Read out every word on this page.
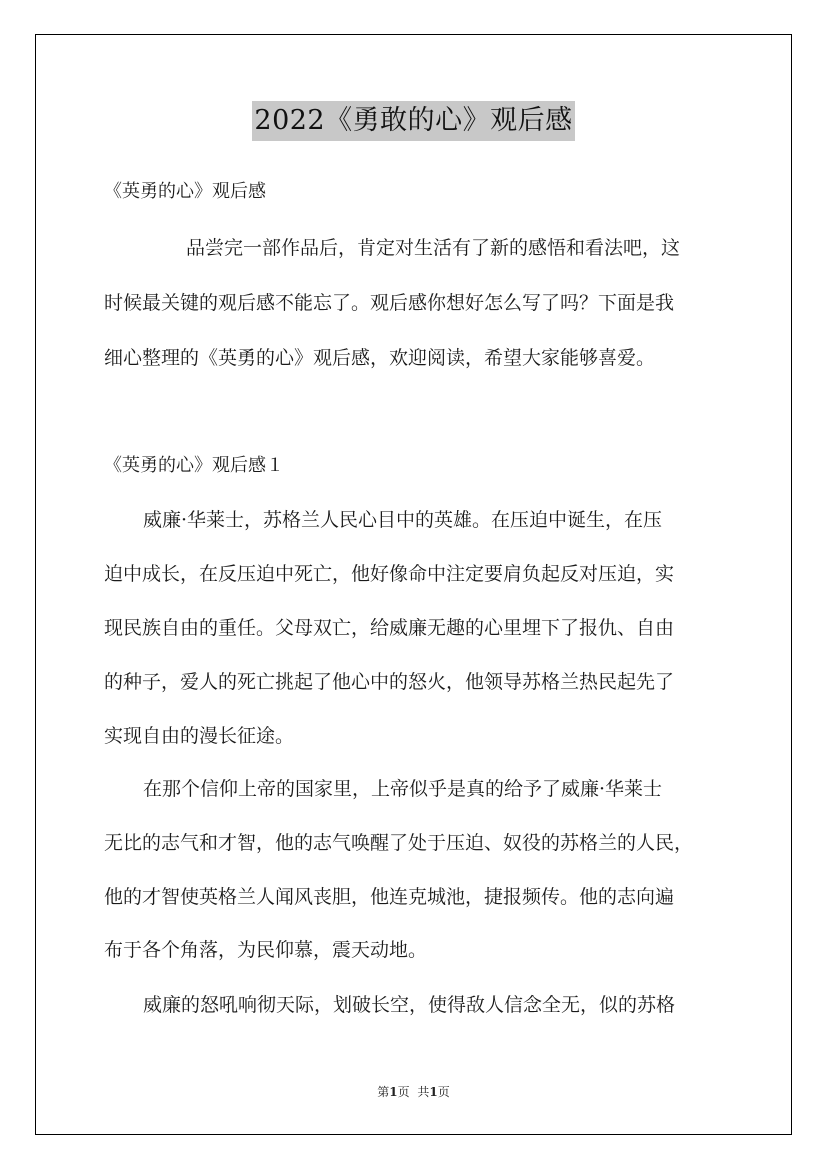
2022《勇敢的心》观后感
《英勇的心》观后感
品尝完一部作品后，肯定对生活有了新的感悟和看法吧，这
时候最关键的观后感不能忘了。观后感你想好怎么写了吗？下面是我
细心整理的《英勇的心》观后感，欢迎阅读，希望大家能够喜爱。
《英勇的心》观后感１
威廉·华莱士，苏格兰人民心目中的英雄。在压迫中诞生，在压
迫中成长，在反压迫中死亡，他好像命中注定要肩负起反对压迫，实
现民族自由的重任。父母双亡，给威廉无趣的心里埋下了报仇、自由
的种子，爱人的死亡挑起了他心中的怒火，他领导苏格兰热民起先了
实现自由的漫长征途。
在那个信仰上帝的国家里，上帝似乎是真的给予了威廉·华莱士
无比的志气和才智，他的志气唤醒了处于压迫、奴役的苏格兰的人民，
他的才智使英格兰人闻风丧胆，他连克城池，捷报频传。他的志向遍
布于各个角落，为民仰慕，震天动地。
威廉的怒吼响彻天际，划破长空，使得敌人信念全无，似的苏格
第1页 共1页
